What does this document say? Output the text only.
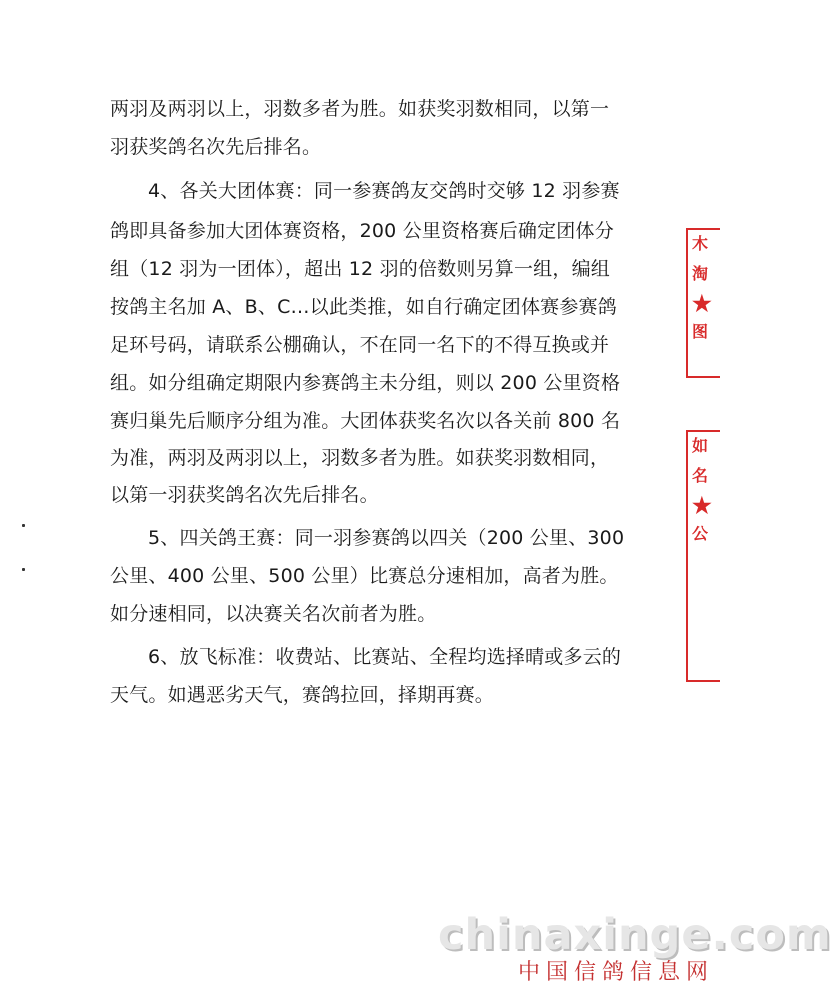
两羽及两羽以上，羽数多者为胜。如获奖羽数相同，以第一
羽获奖鸽名次先后排名。
4、各关大团体赛：同一参赛鸽友交鸽时交够 12 羽参赛
鸽即具备参加大团体赛资格，200 公里资格赛后确定团体分
组（12 羽为一团体），超出 12 羽的倍数则另算一组，编组
按鸽主名加 A、B、C…以此类推，如自行确定团体赛参赛鸽
足环号码，请联系公棚确认，不在同一名下的不得互换或并
组。如分组确定期限内参赛鸽主未分组，则以 200 公里资格
赛归巢先后顺序分组为准。大团体获奖名次以各关前 800 名
为准，两羽及两羽以上，羽数多者为胜。如获奖羽数相同，
以第一羽获奖鸽名次先后排名。
5、四关鸽王赛：同一羽参赛鸽以四关（200 公里、300
公里、400 公里、500 公里）比赛总分速相加，高者为胜。
如分速相同，以决赛关名次前者为胜。
6、放飞标准：收费站、比赛站、全程均选择晴或多云的
天气。如遇恶劣天气，赛鸽拉回，择期再赛。
木
淘
★
图
如
名
★
公
chinaxinge.com
中国信鸽信息网
